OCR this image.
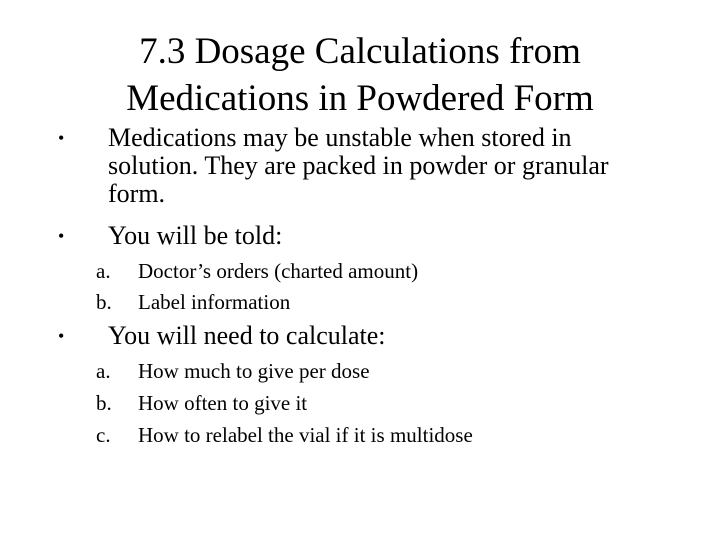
7.3 Dosage Calculations from
Medications in Powdered Form
• Medications may be unstable when stored in
solution. They are packed in powder or granular
form.
• You will be told:
a. Doctor’s orders (charted amount)
b. Label information
• You will need to calculate:
a. How much to give per dose
b. How often to give it
c. How to relabel the vial if it is multidose
